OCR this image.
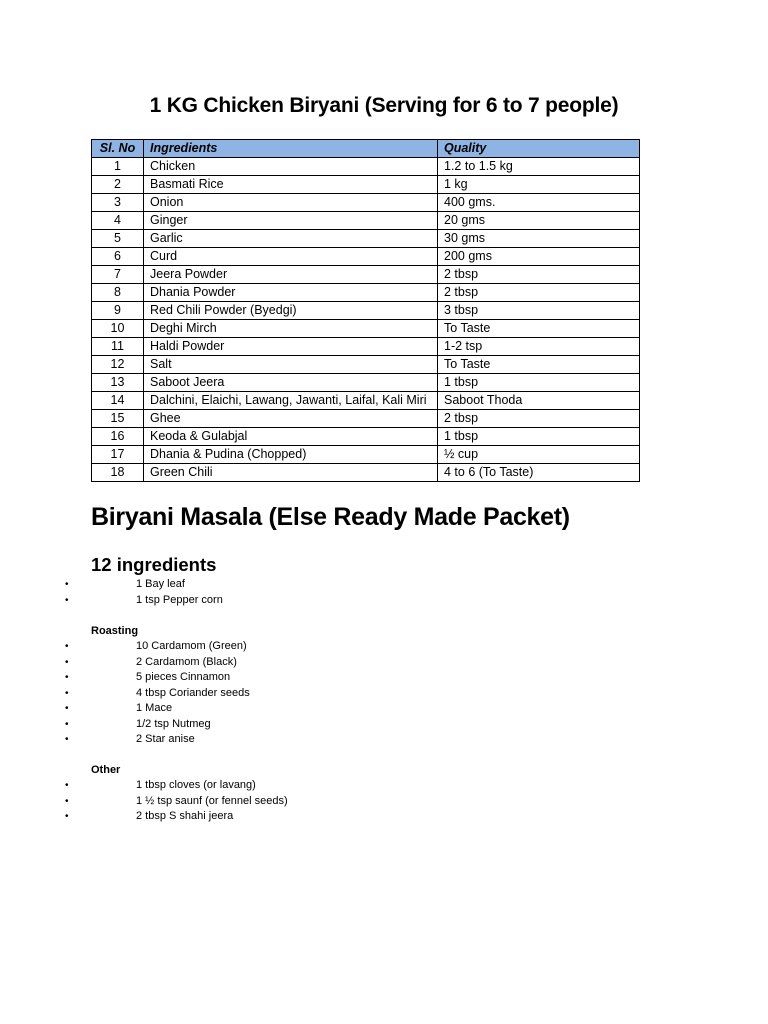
1 KG Chicken Biryani (Serving for 6 to 7 people)
Sl. No	Ingredients	Quality
1	Chicken	1.2 to 1.5 kg
2	Basmati Rice	1 kg
3	Onion	400 gms.
4	Ginger	20 gms
5	Garlic	30 gms
6	Curd	200 gms
7	Jeera Powder	2 tbsp
8	Dhania Powder	2 tbsp
9	Red Chili Powder (Byedgi)	3 tbsp
10	Deghi Mirch	To Taste
11	Haldi Powder	1-2 tsp
12	Salt	To Taste
13	Saboot Jeera	1 tbsp
14	Dalchini, Elaichi, Lawang, Jawanti, Laifal, Kali Miri	Saboot Thoda
15	Ghee	2 tbsp
16	Keoda & Gulabjal	1 tbsp
17	Dhania & Pudina (Chopped)	½ cup
18	Green Chili	4 to 6 (To Taste)
Biryani Masala (Else Ready Made Packet)
12 ingredients
•	1 Bay leaf
•	1 tsp Pepper corn

Roasting

•	10 Cardamom (Green)
•	2 Cardamom (Black)
•	5 pieces Cinnamon
•	4 tbsp Coriander seeds
•	1 Mace
•	1/2 tsp Nutmeg
•	2 Star anise

Other

•	1 tbsp cloves (or lavang)
•	1 ½ tsp saunf (or fennel seeds)
•	2 tbsp S shahi jeera
